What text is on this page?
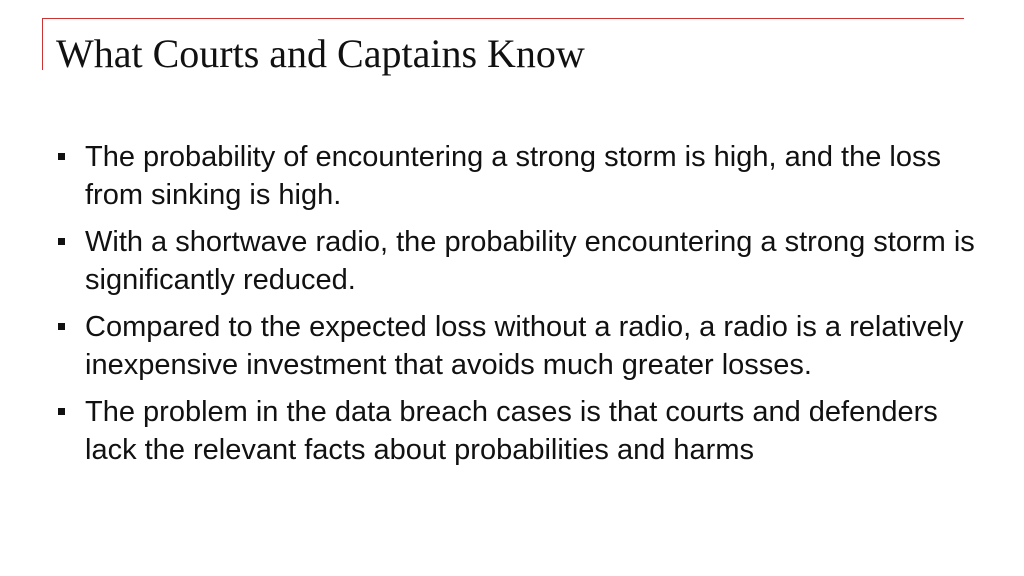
What Courts and Captains Know
The probability of encountering a strong storm is high, and the loss from sinking is high.
With a shortwave radio, the probability encountering a strong storm is significantly reduced.
Compared to the expected loss without a radio, a radio is a relatively inexpensive investment that avoids much greater losses.
The problem in the data breach cases is that courts and defenders lack the relevant facts about probabilities and harms
